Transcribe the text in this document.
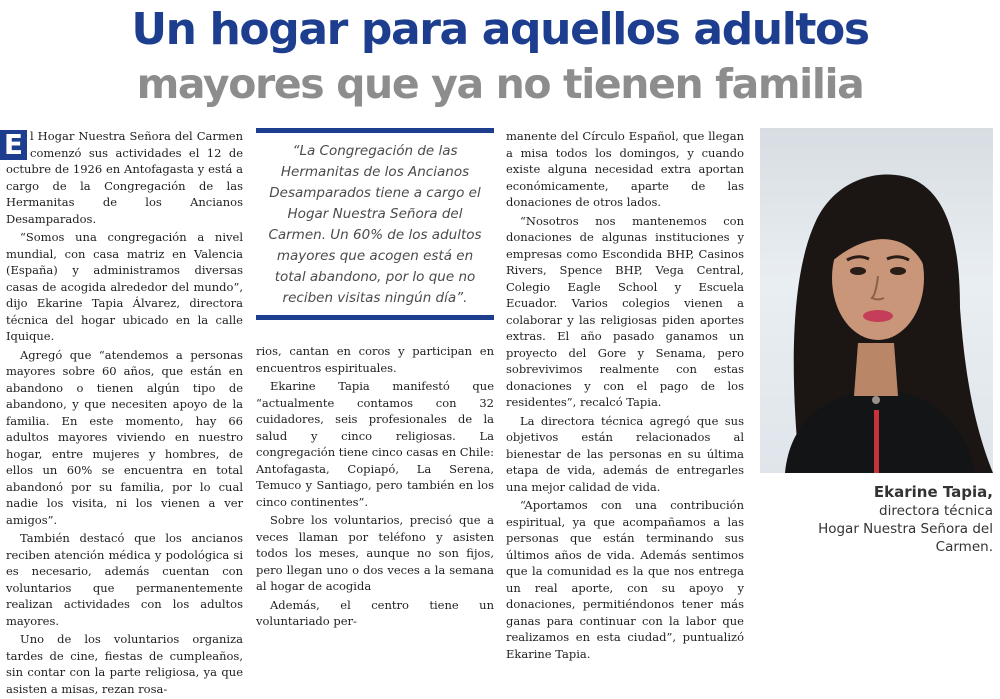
Un hogar para aquellos adultos
mayores que ya no tienen familia
E l Hogar Nuestra Señora del Carmen comenzó sus actividades el 12 de octubre de 1926 en Antofagasta y está a cargo de la Congregación de las Hermanitas de los Ancianos Desamparados.

“Somos una congregación a nivel mundial, con casa matriz en Valencia (España) y administramos diversas casas de acogida alrededor del mundo”, dijo Ekarine Tapia Álvarez, directora técnica del hogar ubicado en la calle Iquique.

Agregó que “atendemos a personas mayores sobre 60 años, que están en abandono o tienen algún tipo de abandono, y que necesiten apoyo de la familia. En este momento, hay 66 adultos mayores viviendo en nuestro hogar, entre mujeres y hombres, de ellos un 60% se encuentra en total abandonó por su familia, por lo cual nadie los visita, ni los vienen a ver amigos”.

También destacó que los ancianos reciben atención médica y podológica si es necesario, además cuentan con voluntarios que permanentemente realizan actividades con los adultos mayores.

Uno de los voluntarios organiza tardes de cine, fiestas de cumpleaños, sin contar con la parte religiosa, ya que asisten a misas, rezan rosa-

“La Congregación de las Hermanitas de los Ancianos Desamparados tiene a cargo el Hogar Nuestra Señora del Carmen. Un 60% de los adultos mayores que acogen está en total abandono, por lo que no reciben visitas ningún día”.

rios, cantan en coros y participan en encuentros espirituales.

Ekarine Tapia manifestó que “actualmente contamos con 32 cuidadores, seis profesionales de la salud y cinco religiosas. La congregación tiene cinco casas en Chile: Antofagasta, Copiapó, La Serena, Temuco y Santiago, pero también en los cinco continentes”.

Sobre los voluntarios, precisó que a veces llaman por teléfono y asisten todos los meses, aunque no son fijos, pero llegan uno o dos veces a la semana al hogar de acogida

Además, el centro tiene un voluntariado per-

manente del Círculo Español, que llegan a misa todos los domingos, y cuando existe alguna necesidad extra aportan económicamente, aparte de las donaciones de otros lados.

“Nosotros nos mantenemos con donaciones de algunas instituciones y empresas como Escondida BHP, Casinos Rivers, Spence BHP, Vega Central, Colegio Eagle School y Escuela Ecuador. Varios colegios vienen a colaborar y las religiosas piden aportes extras. El año pasado ganamos un proyecto del Gore y Senama, pero sobrevivimos realmente con estas donaciones y con el pago de los residentes”, recalcó Tapia.

La directora técnica agregó que sus objetivos están relacionados al bienestar de las personas en su última etapa de vida, además de entregarles una mejor calidad de vida.

“Aportamos con una contribución espiritual, ya que acompañamos a las personas que están terminando sus últimos años de vida. Además sentimos que la comunidad es la que nos entrega un real aporte, con su apoyo y donaciones, permitiéndonos tener más ganas para continuar con la labor que realizamos en esta ciudad”, puntualizó Ekarine Tapia.

Ekarine Tapia,
directora técnica
Hogar Nuestra Señora del Carmen.
